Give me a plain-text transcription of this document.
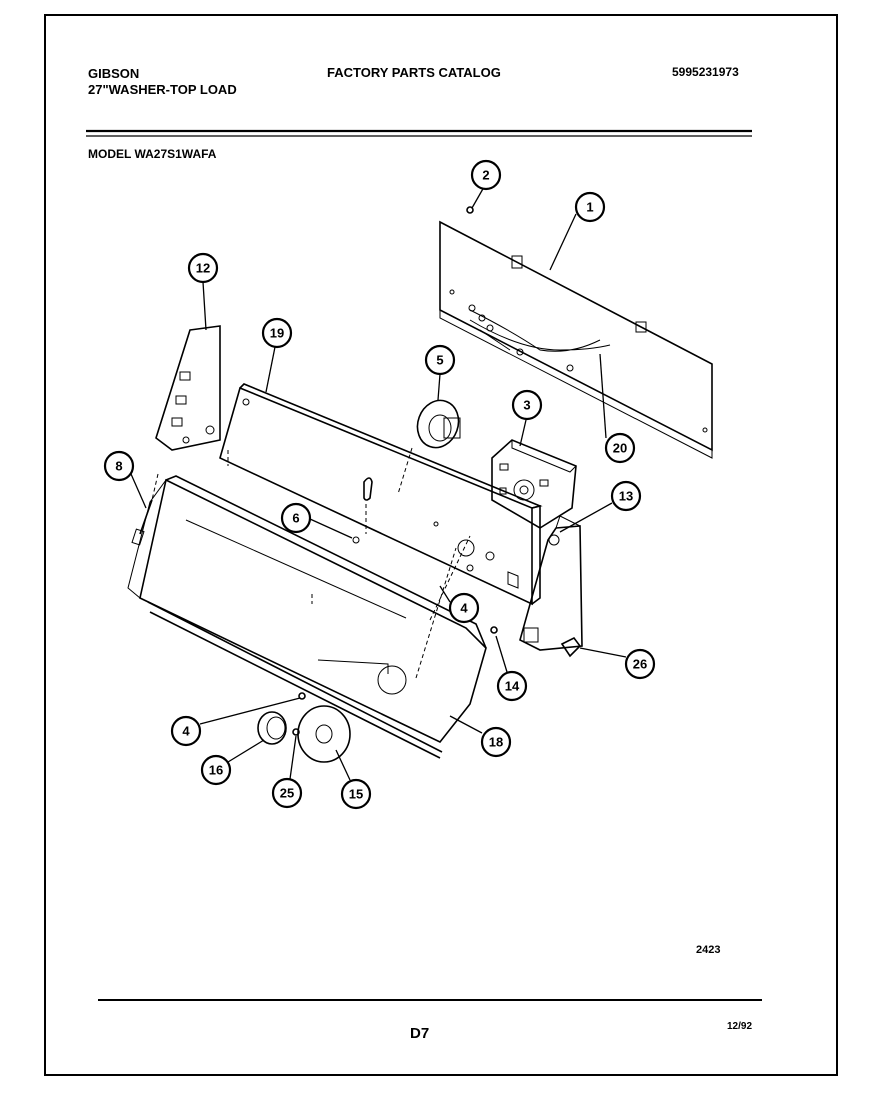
GIBSON
27"WASHER-TOP LOAD
FACTORY PARTS CATALOG	5995231973
MODEL WA27S1WAFA
1
2
3
4
4
5
6
8
12
13
14
15
16
18
19
20
25
26
2423
D7	12/92
